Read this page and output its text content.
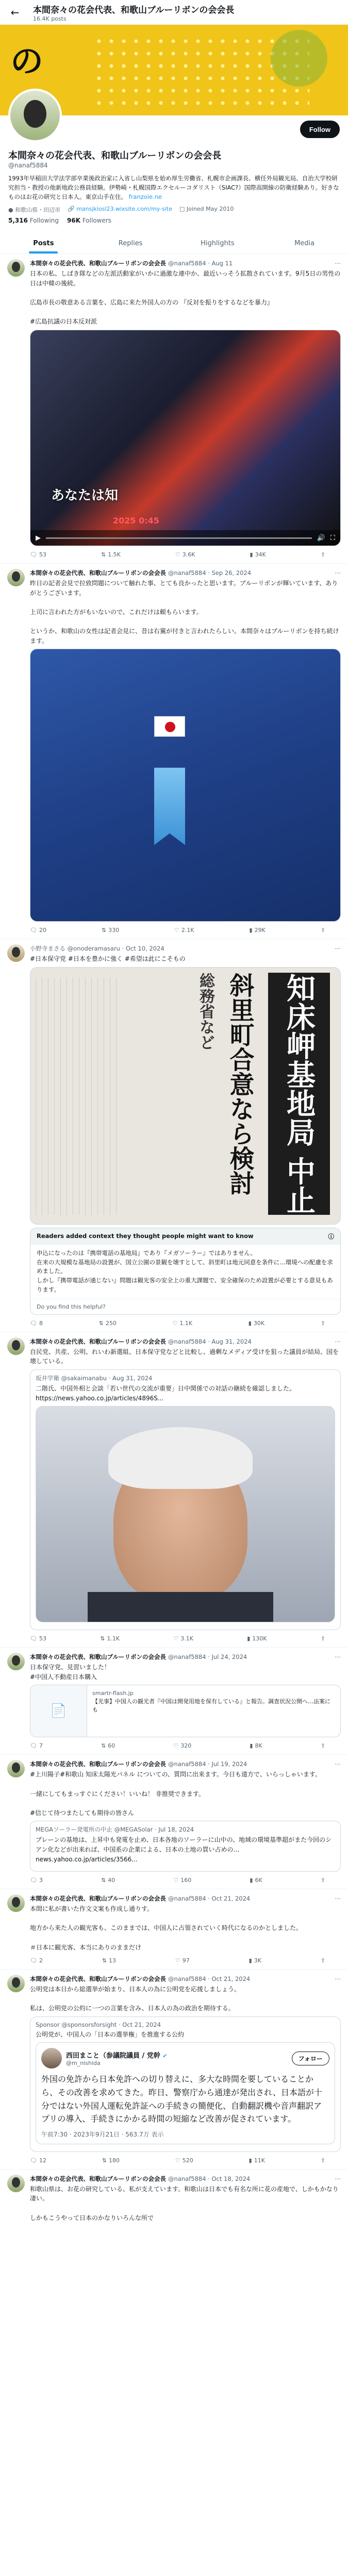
←	本間奈々の花会代表、和歌山ブルーリボンの会会長
16.4K posts
の
Follow
本間奈々の花会代表、和歌山ブルーリボンの会会長
@nanaf5884
1993年早稲田大学法学部卒業後政治家に入省し山梨県を始め厚生労働省、札幌市企画課長、横任外局観光局、自治大学校研究担当・教授の他新地政公務員経験。伊勢崎・札幌国際エクセルーコダリスト（SIAC?）国際高開線の防衛経験あり。好きなものはお花の研究と日本人。東京山手在住。 franzoie.ne
● 和歌山県・田辺市 🔗 mansjkiosl23.wixsite.com/my-site □ Joined May 2010
5,316 Following 96K Followers
Posts	Replies	Highlights	Media
本間奈々の花会代表、和歌山ブルーリボンの会会長 @nanaf5884 · Aug 11	⋯
日本の私、しばき隊などの左派活動家がいかに過激な連中か、最近いっそう拡散されています。9月5日の男性の日は中韓の後続。

広島市長の敬意ある言葉を、広島に来た外国人の方の 『反対を振りをするなどを暴力』

#広島抗議の日本反対派
あなたは知
2025 0:45
▶	🔊 ⛶
🗨 53	⇅ 1.5K	♡ 3.6K	▮ 34K	⇧
本間奈々の花会代表、和歌山ブルーリボンの会会長 @nanaf5884 · Sep 26, 2024	⋯
昨日の記者会見で拉致問題について触れた事、とても良かったと思います。ブルーリボンが輝いています、ありがとうございます。

上司に言われた方がもいないので、これだけは頼もらいます。

というか、和歌山の女性は記者会見に、昔は右翼が付きと言われたらしい。本間奈々はブルーリボンを持ち続けます。
🗨 20	⇅ 330	♡ 2.1K	▮ 29K	⇧
小野寺まさる @onoderamasaru · Oct 10, 2024	⋯
#日本保守党 #日本を豊かに強く #希望は此にこそもの
知床岬基地局 中止
斜里町合意なら検討
総務省など
Readers added context they thought people might want to know	ⓘ
申込になったのは『携帯電話の基地局』であり『メガソーラー』ではありません。
在来の大規模な基地局の設置が、国立公園の景観を壊すとして、斜里町は地元同意を条件に…環境への配慮を求めました。
しかし『携帯電話が通じない』問題は観光客の安全上の重大課題で、安全確保のため設置が必要とする意見もあります。
Do you find this helpful?
🗨 8	⇅ 250	♡ 1.1K	▮ 30K	⇧
本間奈々の花会代表、和歌山ブルーリボンの会会長 @nanaf5884 · Aug 31, 2024	⋯
自民党、共産、公明、れいわ新選組、日本保守党などと比較し、過剰なメディア受けを狙った議員が結局、国を壊している。
坂井学衛 @sakaimanabu · Aug 31, 2024
二階氏、中国外相と会談「若い世代の交流が重要」日中関係での対話の継続を確認しました。
https://news.yahoo.co.jp/articles/4896S...
🗨 53	⇅ 1.1K	♡ 3.1K	▮ 130K	⇧
本間奈々の花会代表、和歌山ブルーリボンの会会長 @nanaf5884 · Jul 24, 2024	⋯
日本保守党、見習いました！
#中国人不動産日本購入
📄
smartr-flash.jp
【光事】中国人の観光者『中国は開発用地を保有している』と報告。調査状況公開へ…法案にも
🗨 7	⇅ 60	♡ 320	▮ 8K	⇧
本間奈々の花会代表、和歌山ブルーリボンの会会長 @nanaf5884 · Jul 19, 2024	⋯
#上川陽子#和歌山 知床太陽光パネル についての、質問に出来ます。今日も遠方で、いらっしゃいます。

一緒にしてもまっすぐにください！いいね！ 非推奨できます。

#信じて待つまたしても期待の皆さん
MEGAソーラー発電所の中止 @MEGASolar · Jul 18, 2024
ブレーンの基地は、上昇中も発電を止め、日本各地のソーラーに山中の、地域の環境基準超がまた今回のシアン化などが出来れば、中国系の企業による、日本の土地の買い占めの…
news.yahoo.co.jp/articles/3566...
🗨 3	⇅ 40	♡ 160	▮ 6K	⇧
本間奈々の花会代表、和歌山ブルーリボンの会会長 @nanaf5884 · Oct 21, 2024	⋯
本間に私が書いた作文文案も作成し通りす。

地方から来た人の観光客も、このままでは、中国人に占領されていく時代になるのかとしました。

＃日本に観光客、本当にありのままだけ
🗨 2	⇅ 13	♡ 97	▮ 3K	⇧
本間奈々の花会代表、和歌山ブルーリボンの会会長 @nanaf5884 · Oct 21, 2024	⋯
公明党は本日から総選挙が始まり、日本人の為に公明党を応援しましょう。

私は、公明党の公約に一つの言葉を含み、日本人の為の政治を期待する。
Sponsor @sponsorsforsight · Oct 21, 2024
公明党が、中国人の「日本の選挙権」を推進する公約
西田まこと（参議院議員 / 党幹 ✔
@m_nishida
フォロー
外国の免許から日本免許への切り替えに、多大な時間を要していることから、その改善を求めてきた。昨日、警察庁から通達が発出され、日本語が十分ではない外国人運転免許証への手続きの簡便化、自動翻訳機や音声翻訳アプリの導入、手続きにかかる時間の短縮など改善が促されています。
午前7:30 · 2023年9月21日 · 563.7万 表示
🗨 12	⇅ 180	♡ 520	▮ 11K	⇧
本間奈々の花会代表、和歌山ブルーリボンの会会長 @nanaf5884 · Oct 18, 2024	⋯
和歌山県は、お花の研究している、私が支えています。和歌山は日本でも有名な所に花の産地で、しかもかなり凄い。

しかもこうやって日本のかなりいろんな所で
